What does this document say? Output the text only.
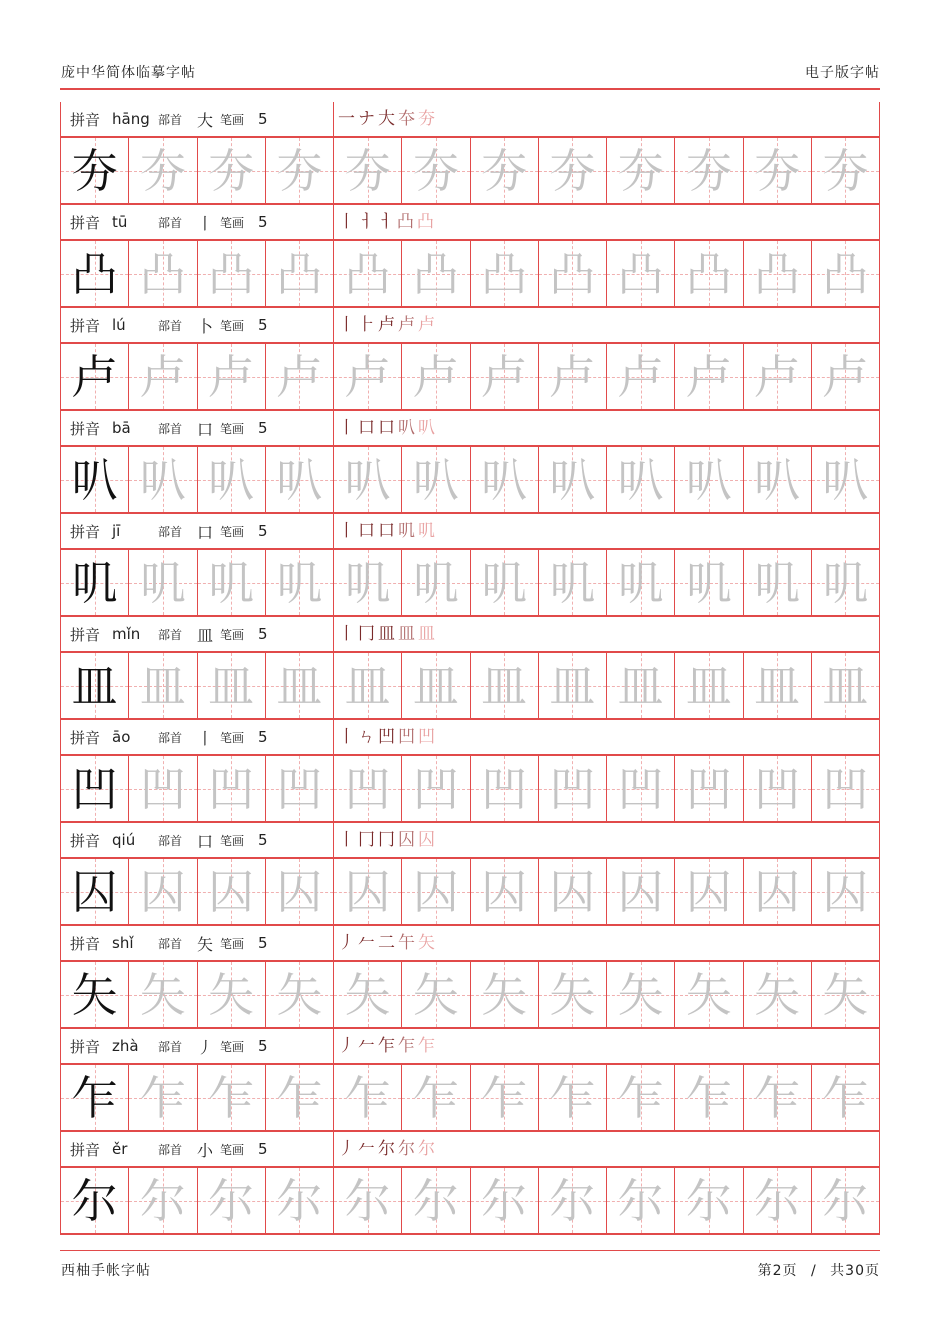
庞中华简体临摹字帖	电子版字帖
拼音 hāng 部首 大 笔画 5	一 ナ 大 夲 夯
夯 夯 夯 夯 夯 夯 夯 夯 夯 夯 夯 夯
拼音 tū	部首 丨 笔画 5	丨 ㅓ ㅓ 凸 凸
凸 凸 凸 凸 凸 凸 凸 凸 凸 凸 凸 凸
拼音 lú	部首 卜 笔画 5	丨 ⺊ 卢 卢 卢
卢 卢 卢 卢 卢 卢 卢 卢 卢 卢 卢 卢
拼音 bā	部首 口 笔画 5	丨 口 口 叭 叭
叭 叭 叭 叭 叭 叭 叭 叭 叭 叭 叭 叭
拼音 jī	部首 口 笔画 5	丨 口 口 叽 叽
叽 叽 叽 叽 叽 叽 叽 叽 叽 叽 叽 叽
拼音 mǐn	部首 皿 笔画 5	丨 冂 皿 皿 皿
皿 皿 皿 皿 皿 皿 皿 皿 皿 皿 皿 皿
拼音 āo	部首 丨 笔画 5	丨 ㄣ 凹 凹 凹
凹 凹 凹 凹 凹 凹 凹 凹 凹 凹 凹 凹
拼音 qiú	部首 口 笔画 5	丨 冂 冂 囚 囚
囚 囚 囚 囚 囚 囚 囚 囚 囚 囚 囚 囚
拼音 shǐ	部首 矢 笔画 5	丿 𠂉 二 午 矢
矢 矢 矢 矢 矢 矢 矢 矢 矢 矢 矢 矢
拼音 zhà	部首 丿 笔画 5	丿 𠂉 乍 乍 乍
乍 乍 乍 乍 乍 乍 乍 乍 乍 乍 乍 乍
拼音 ěr	部首 小 笔画 5	丿 𠂉 尔 尔 尔
尔 尔 尔 尔 尔 尔 尔 尔 尔 尔 尔 尔
西柚手帐字帖	第2页 / 共30页
